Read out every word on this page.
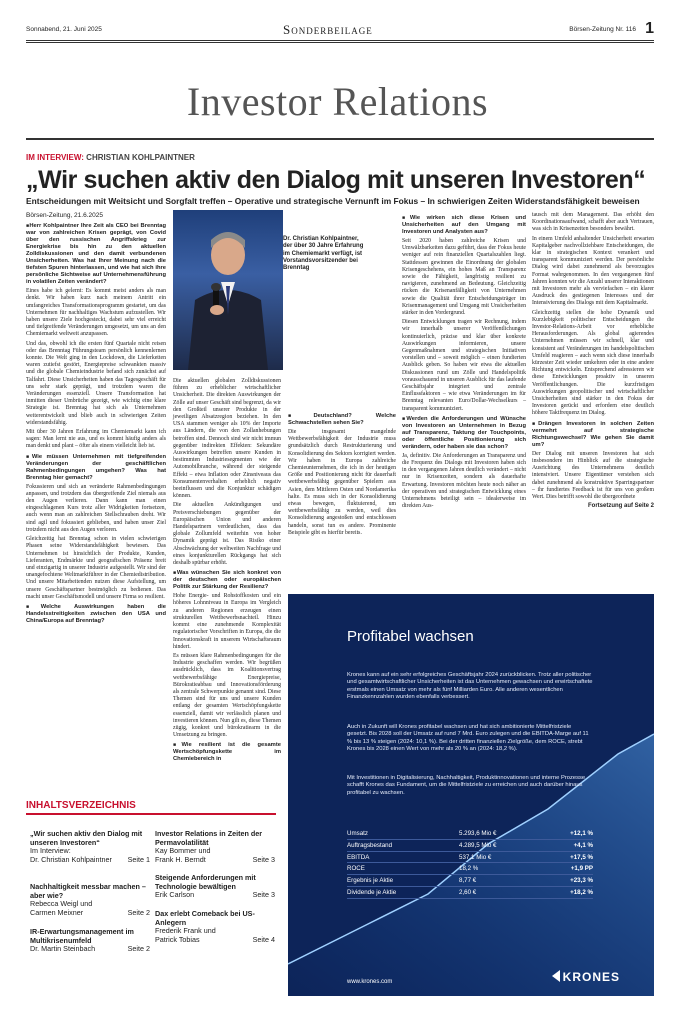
Sonnabend, 21. Juni 2025	Sonderbeilage	Börsen-Zeitung Nr. 116 1
Investor Relations
IM INTERVIEW: CHRISTIAN KOHLPAINTNER
„Wir suchen aktiv den Dialog mit unseren Investoren“
Entscheidungen mit Weitsicht und Sorgfalt treffen – Operative und strategische Vernunft im Fokus – In schwierigen Zeiten Widerstandsfähigkeit beweisen
Börsen-Zeitung, 21.6.2025
■ Herr Kohlpaintner Ihre Zeit als CEO bei Brenntag war von zahlreichen Krisen geprägt, von Covid über den russischen Angriffskrieg zur Energiekrise bis hin zu den aktuellen Zolldiskussionen und den damit verbundenen Unsicherheiten. Was hat Ihrer Meinung nach die tiefsten Spuren hinterlassen, und wie hat sich ihre persönliche Sichtweise auf Unternehmensführung in volatilen Zeiten verändert?

Eines habe ich gelernt: Es kommt meist anders als man denkt. Wir haben kurz nach meinem Antritt ein umfangreiches Transformationsprogramm gestartet, um das Unternehmen für nachhaltiges Wachstum aufzustellen. Wir haben unsere Ziele hochgesteckt, dabei sehr viel erreicht und tiefgreifende Veränderungen umgesetzt, um uns an den Chemiemarkt weltweit anzupassen.

Und das, obwohl ich die ersten fünf Quartale nicht reisen oder das Brenntag Führungsteam persönlich kennenlernen konnte. Die Welt ging in den Lockdown, die Lieferketten waren zutiefst gestört, Energiepreise schwankten massiv und die globale Chemieindustrie befand sich zunächst auf Talfahrt. Diese Unsicherheiten haben das Tagesgeschäft für uns sehr stark geprägt, und trotzdem waren die Veränderungen essenziell. Unsere Transformation hat inmitten dieser Umbrüche gezeigt, wie wichtig eine klare Strategie ist. Brenntag hat sich als Unternehmen weiterentwickelt und blieb auch in schwierigen Zeiten widerstandsfähig.

Mit über 30 Jahren Erfahrung im Chemiemarkt kann ich sagen: Man lernt nie aus, und es kommt häufig anders als man denkt und plant – öfter als einem vielleicht lieb ist.

■ Wie müssen Unternehmen mit tiefgreifenden Veränderungen der geschäftlichen Rahmenbedingungen umgehen? Was hat Brenntag hier gemacht?

Fokussieren und sich an veränderte Rahmenbedingungen anpassen, und trotzdem das übergreifende Ziel niemals aus den Augen verlieren. Dann kann man einen eingeschlagenen Kurs trotz aller Widrigkeiten fortsetzen, auch wenn man an zahlreichen Stellschrauben dreht. Wir sind agil und fokussiert geblieben, und haben unser Ziel trotzdem nicht aus den Augen verloren.

Gleichzeitig hat Brenntag schon in vielen schwierigen Phasen seine Widerstandsfähigkeit bewiesen. Das Unternehmen ist hinsichtlich der Produkte, Kunden, Lieferanten, Endmärkte und geografischen Präsenz breit und einzigartig in unserer Industrie aufgestellt. Wir sind der unangefochtene Weltmarktführer in der Chemiedistribution. Und unsere Mitarbeitenden nutzen diese Aufstellung, um unsere Geschäftspartner bestmöglich zu bedienen. Das macht unser Geschäftsmodell und unsere Firma so resilient.

■ Welche Auswirkungen haben die Handelsstreitigkeiten zwischen den USA und China/Europa auf Brenntag?
Dr. Christian Kohlpaintner, der über 30 Jahre Erfahrung im Chemiemarkt verfügt, ist Vorstandsvorsitzender bei Brenntag

Die aktuellen globalen Zolldiskussionen führen zu erheblicher wirtschaftlicher Unsicherheit. Die direkten Auswirkungen der Zölle auf unser Geschäft sind begrenzt, da wir den Großteil unserer Produkte in der jeweiligen Absatzregion beziehen. In den USA stammen weniger als 10% der Importe aus Ländern, die von den Zollanhebungen betroffen sind. Dennoch sind wir nicht immun gegenüber indirekten Effekten: Sekundäre Auswirkungen betreffen unsere Kunden in bestimmten Industriesegmenten wie der Automobilbranche, während der steigende Effekt – etwa Inflation oder Zinsniveaus das Konsumentenverhalten erheblich negativ beeinflussen und die Konjunktur schädigen können.

Die aktuellen Ankündigungen und Preisverschiebungen gegenüber der Europäischen Union und anderen Handelspartnern verdeutlichen, dass das globale Zollumfeld weiterhin von hoher Dynamik geprägt ist. Das Risiko einer Abschwächung der weltweiten Nachfrage und eines konjunkturellen Rückgangs hat sich deshalb spürbar erhöht.

■ Was wünschen Sie sich konkret von der deutschen oder europäischen Politik zur Stärkung der Resilienz?

Hohe Energie- und Rohstoffkosten und ein höheres Lohnniveau in Europa im Vergleich zu anderen Regionen erzeugen einen strukturellen Wettbewerbsnachteil. Hinzu kommt eine zunehmende Komplexität regulatorischer Vorschriften in Europa, die die Innovationskraft in unserem Wirtschaftsraum hindert.

Es müssen klare Rahmenbedingungen für die Industrie geschaffen werden. Wir begrüßen ausdrücklich, dass im Koalitionsvertrag wettbewerbsfähige Energiepreise, Bürokratieabbau und Innovationsförderung als zentrale Schwerpunkte genannt sind. Diese Themen sind für uns und unsere Kunden entlang der gesamten Wertschöpfungskette essenziell, damit wir verlässlich planen und investieren können. Nun gilt es, diese Themen zügig, konkret und bürokratiearm in die Umsetzung zu bringen.

■ Wie resilient ist die gesamte Wertschöpfungskette im Chemiebereich in
■ Deutschland? Welche Schwachstellen sehen Sie?

Die insgesamt mangelnde Wettbewerbsfähigkeit der Industrie muss grundsätzlich durch Restrukturierung und Konsolidierung des Sektors korrigiert werden. Wir haben in Europa zahlreiche Chemieunternehmen, die ich in der heutigen Größe und Positionierung nicht für dauerhaft wettbewerbsfähig gegenüber Spielern aus Asien, dem Mittleren Osten und Nordamerika halte. Es muss sich in der Konsolidierung etwas bewegen, fluktuierend, um wettbewerbsfähig zu werden, weil dies Konsolidierung angestoßen und entschlossen handeln, sonst tun es andere. Prominente Beispiele gibt es hierfür bereits.

■ Wie wirken sich diese Krisen und Unsicherheiten auf den Umgang mit Investoren und Analysten aus?

Seit 2020 haben zahlreiche Krisen und Umwälzbarkeiten dazu geführt, dass der Fokus heute weniger auf rein finanziellen Quartalszahlen liegt. Stattdessen gewinnen die Einordnung der globalen Krisengeschehens, ein hohes Maß an Transparenz sowie die Fähigkeit, langfristig resilient zu navigieren, zunehmend an Bedeutung. Gleichzeitig rücken die Krisenanfälligkeit von Unternehmen sowie die Qualität ihrer Entscheidungsträger im Krisenmanagement und Umgang mit Unsicherheiten stärker in den Vordergrund.

Diesen Entwicklungen tragen wir Rechnung, indem wir innerhalb unserer Veröffentlichungen kontinuierlich, präzise und klar über konkrete Auswirkungen informieren, unsere Gegenmaßnahmen und strategischen Initiativen vorstellen und – soweit möglich – einen fundierten Ausblick geben. So haben wir etwa die aktuellen Diskussionen rund um Zölle und Handelspolitik vorausschauend in unseren Ausblick für das laufende Geschäftsjahr integriert und zentrale Einflussfaktoren – wie etwa Veränderungen im für Brenntag relevanten Euro/Dollar-Wechselkurs – transparent kommuniziert.

■ Werden die Anforderungen und Wünsche von Investoren an Unternehmen in Bezug auf Transparenz, Taktung der Touchpoints, oder öffentliche Positionierung sich verändern, oder haben sie das schon?

Ja, definitiv. Die Anforderungen an Transparenz und die Frequenz des Dialogs mit Investoren haben sich in den vergangenen Jahren deutlich verändert – nicht nur in Krisenzeiten, sondern als dauerhafte Erwartung. Investoren möchten heute noch näher an der operativen und strategischen Entwicklung eines Unternehmens beteiligt sein – idealerweise im direkten Aus-

tausch mit dem Management. Das erhöht den Koordinationsaufwand, schafft aber auch Vertrauen, was sich in Krisenzeiten besonders bewährt.

In einem Umfeld anhaltender Unsicherheit erwarten Kapitalgeber nachvollziehbare Entscheidungen, die klar in strategischen Kontext verankert und transparent kommuniziert werden. Der persönliche Dialog wird dabei zunehmend als bevorzugtes Format wahrgenommen. In den vergangenen fünf Jahren konnten wir die Anzahl unserer Interaktionen mit Investoren mehr als verviefachen – ein klarer Ausdruck des gestiegenen Interesses und der Intensivierung des Dialogs mit dem Kapitalmarkt.

Gleichzeitig stellen die hohe Dynamik und Kurzlebigkeit politischer Entscheidungen die Investor-Relations-Arbeit vor erhebliche Herausforderungen. Als global agierendes Unternehmen müssen wir schnell, klar und konsistent auf Veränderungen im handelspolitischen Umfeld reagieren – auch wenn sich diese innerhalb kürzester Zeit wieder umkehren oder in eine andere Richtung entwickeln. Entsprechend adressieren wir diese Entwicklungen proaktiv in unseren Veröffentlichungen. Die kurzfristigen Auswirkungen geopolitischer und wirtschaftlicher Unsicherheiten sind stärker in den Fokus der Investoren gerückt und erfordern eine deutlich höhere Taktfrequenz im Dialog.

■ Drängen Investoren in solchen Zeiten vermehrt auf strategische Richtungswechsel? Wie gehen Sie damit um?

Der Dialog mit unseren Investoren hat sich insbesondere im Hinblick auf die strategische Ausrichtung des Unternehmens deutlich intensiviert. Unsere Eigentümer verstehen sich dabei zunehmend als konstruktive Sparringspartner – ihr fundiertes Feedback ist für uns von großem Wert. Dies betrifft sowohl die übergeordnete

Fortsetzung auf Seite 2
INHALTSVERZEICHNIS
„Wir suchen aktiv den Dialog mit unseren Investoren“
Im Interview:
Dr. Christian Kohlpaintner Seite 1
Nachhaltigkeit messbar machen – aber wie?
Rebecca Weigl und
Carmen Meixner	Seite 2
IR-Erwartungsmanagement im Multikrisenumfeld
Dr. Martin Steinbach	Seite 2
Investor Relations in Zeiten der Permavolatilität
Kay Bommer und
Frank H. Berndt	Seite 3
Steigende Anforderungen mit Technologie bewältigen
Erik Carlson	Seite 3
Dax erlebt Comeback bei US-Anlegern
Frederik Frank und
Patrick Tobias	Seite 4
Profitabel wachsen
Krones kann auf ein sehr erfolgreiches Geschäftsjahr 2024 zurückblicken. Trotz aller politischer und gesamtwirtschaftlicher Unsicherheiten ist das Unternehmen gewachsen und erwirtschaftete erstmals einen Umsatz von mehr als fünf Milliarden Euro. Alle anderen wesentlichen Finanzkennzahlen wurden ebenfalls verbessert.
Auch in Zukunft will Krones profitabel wachsen und hat sich ambitionierte Mittelfristziele gesetzt. Bis 2028 soll der Umsatz auf rund 7 Mrd. Euro zulegen und die EBITDA-Marge auf 11 % bis 13 % steigen (2024: 10,1 %). Bei der dritten finanziellen Zielgröße, dem ROCE, strebt Krones bis 2028 einen Wert von mehr als 20 % an (2024: 18,2 %).
Mit Investitionen in Digitalisierung, Nachhaltigkeit, Produktinnovationen und interne Prozesse schafft Krones das Fundament, um die Mittelfristziele zu erreichen und auch darüber hinaus profitabel zu wachsen.
Umsatz	5.293,6 Mio €	+12,1 %
Auftragsbestand	4.289,5 Mio €	+4,1 %
EBITDA	537,1 Mio €	+17,5 %
ROCE	18,2 %	+1,9 PP
Ergebnis je Aktie	8,77 €	+23,3 %
Dividende je Aktie	2,60 €	+18,2 %
www.krones.com	KRONES
